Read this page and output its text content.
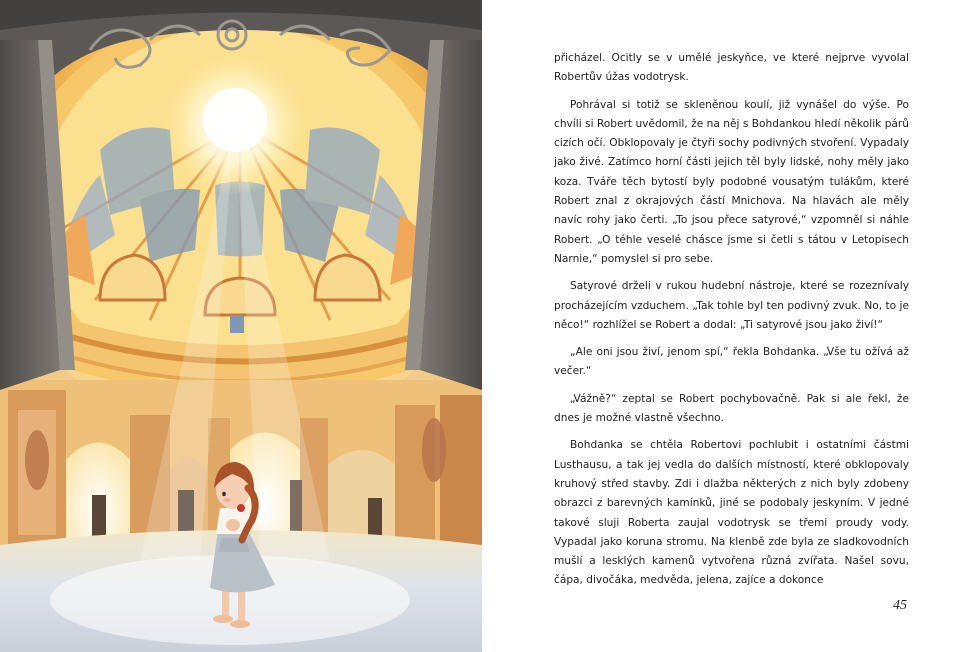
přicházel. Ocitly se v umělé jeskyňce, ve které nejprve vyvolal Robertův úžas vodotrysk.

Pohrával si totiž se skleněnou koulí, již vynášel do výše. Po chvíli si Robert uvědomil, že na něj s Bohdankou hledí několik párů cizích očí. Obklopovaly je čtyři sochy podivných stvoření. Vypadaly jako živé. Zatímco horní části jejich těl byly lidské, nohy měly jako koza. Tváře těch bytostí byly podobné vousatým tulákům, které Robert znal z okrajových částí Mnichova. Na hlavách ale měly navíc rohy jako čerti. „To jsou přece satyrové,“ vzpomněl si náhle Robert. „O téhle veselé chásce jsme si četli s tátou v Letopisech Narnie,“ pomyslel si pro sebe.

Satyrové drželi v rukou hudební nástroje, které se rozeznívaly procházejícím vzduchem. „Tak tohle byl ten podivný zvuk. No, to je něco!“ rozhlížel se Robert a dodal: „Ti satyrové jsou jako živí!“

„Ale oni jsou živí, jenom spí,“ řekla Bohdanka. „Vše tu ožívá až večer.“

„Vážně?“ zeptal se Robert pochybovačně. Pak si ale řekl, že dnes je možné vlastně všechno.

Bohdanka se chtěla Robertovi pochlubit i ostatními částmi Lusthausu, a tak jej vedla do dalších místností, které obklopovaly kruhový střed stavby. Zdi i dlažba některých z nich byly zdobeny obrazci z barevných kamínků, jiné se podobaly jeskyním. V jedné takové sluji Roberta zaujal vodotrysk se třemi proudy vody. Vypadal jako koruna stromu. Na klenbě zde byla ze sladkovodních mušlí a lesklých kamenů vytvořena různá zvířata. Našel sovu, čápa, divočáka, medvěda, jelena, zajíce a dokonce

45
